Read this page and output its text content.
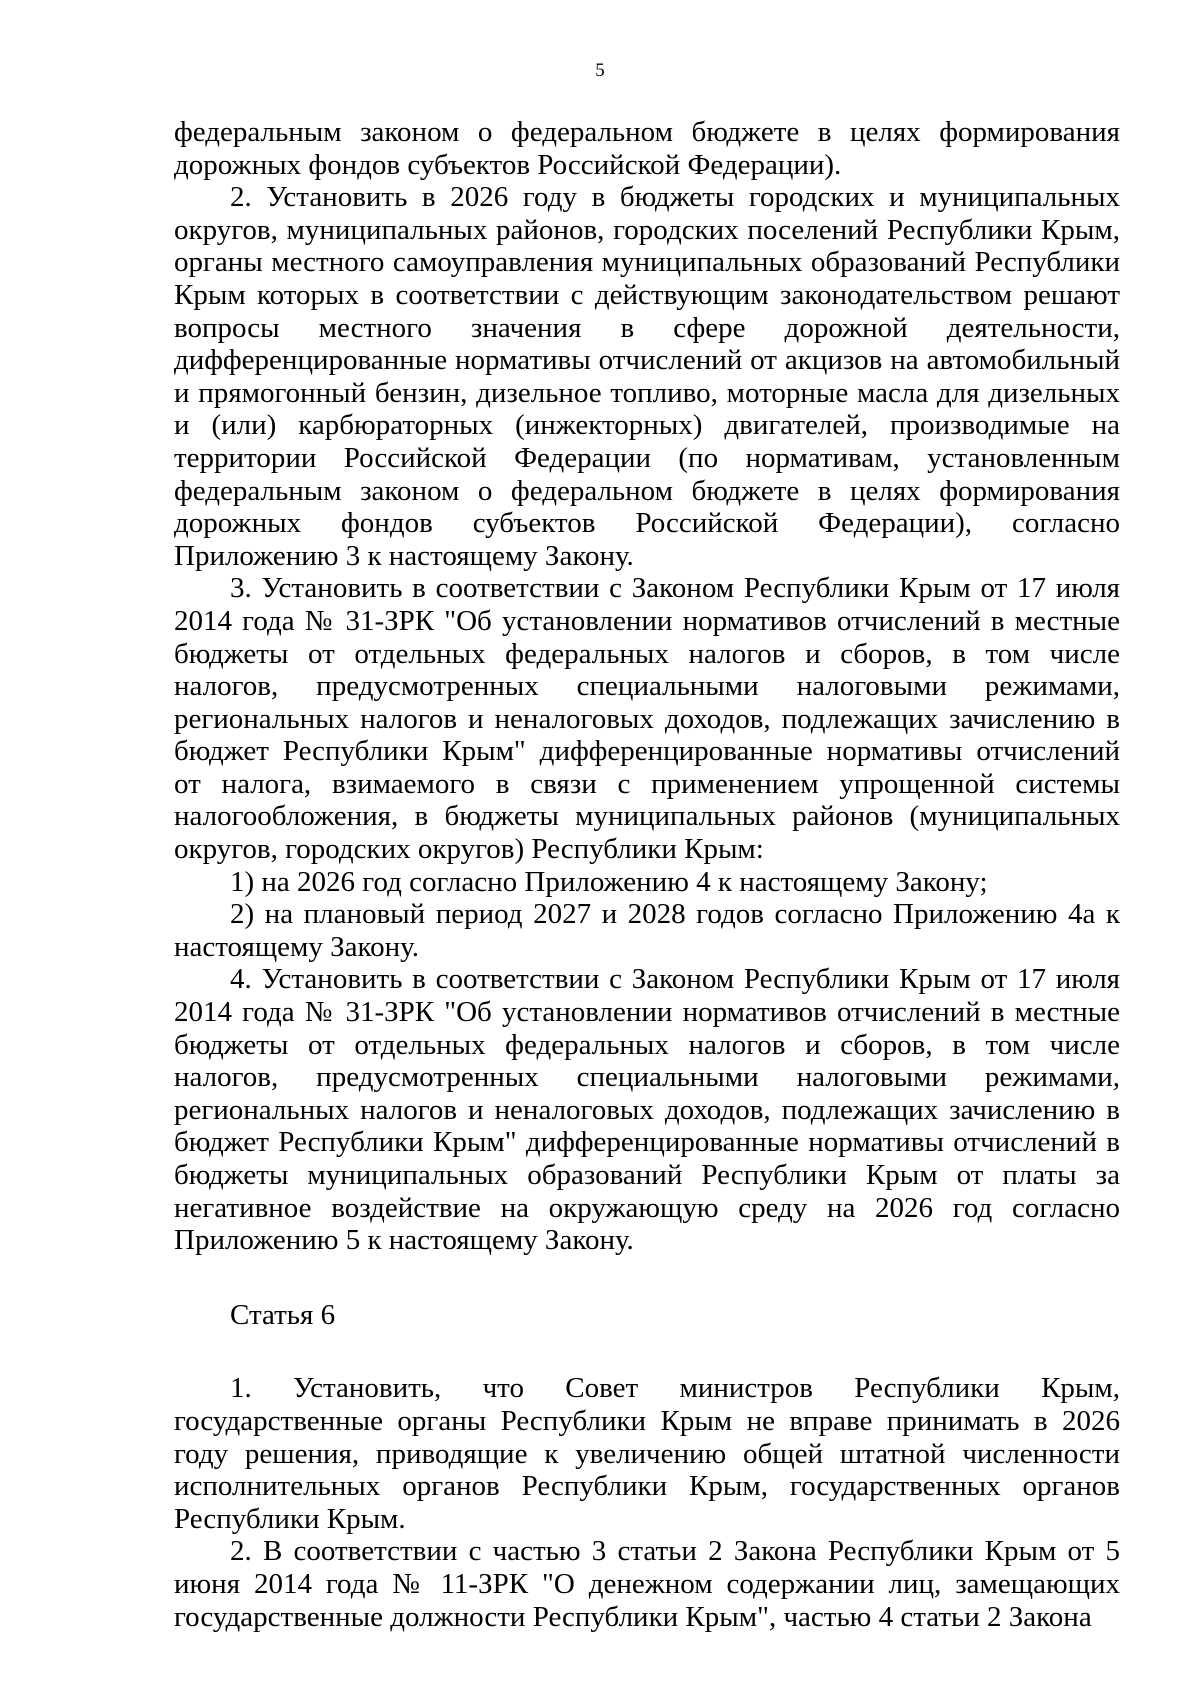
5

федеральным законом о федеральном бюджете в целях формирования дорожных фондов субъектов Российской Федерации).

2. Установить в 2026 году в бюджеты городских и муниципальных округов, муниципальных районов, городских поселений Республики Крым, органы местного самоуправления муниципальных образований Республики Крым которых в соответствии с действующим законодательством решают вопросы местного значения в сфере дорожной деятельности, дифференцированные нормативы отчислений от акцизов на автомобильный и прямогонный бензин, дизельное топливо, моторные масла для дизельных и (или) карбюраторных (инжекторных) двигателей, производимые на территории Российской Федерации (по нормативам, установленным федеральным законом о федеральном бюджете в целях формирования дорожных фондов субъектов Российской Федерации), согласно Приложению 3 к настоящему Закону.

3. Установить в соответствии с Законом Республики Крым от 17 июля 2014 года № 31-ЗРК "Об установлении нормативов отчислений в местные бюджеты от отдельных федеральных налогов и сборов, в том числе налогов, предусмотренных специальными налоговыми режимами, региональных налогов и неналоговых доходов, подлежащих зачислению в бюджет Республики Крым" дифференцированные нормативы отчислений от налога, взимаемого в связи с применением упрощенной системы налогообложения, в бюджеты муниципальных районов (муниципальных округов, городских округов) Республики Крым:

1) на 2026 год согласно Приложению 4 к настоящему Закону;

2) на плановый период 2027 и 2028 годов согласно Приложению 4а к настоящему Закону.

4. Установить в соответствии с Законом Республики Крым от 17 июля 2014 года № 31-ЗРК "Об установлении нормативов отчислений в местные бюджеты от отдельных федеральных налогов и сборов, в том числе налогов, предусмотренных специальными налоговыми режимами, региональных налогов и неналоговых доходов, подлежащих зачислению в бюджет Республики Крым" дифференцированные нормативы отчислений в бюджеты муниципальных образований Республики Крым от платы за негативное воздействие на окружающую среду на 2026 год согласно Приложению 5 к настоящему Закону.

Статья 6

1. Установить, что Совет министров Республики Крым, государственные органы Республики Крым не вправе принимать в 2026 году решения, приводящие к увеличению общей штатной численности исполнительных органов Республики Крым, государственных органов Республики Крым.

2. В соответствии с частью 3 статьи 2 Закона Республики Крым от 5 июня 2014 года № 11-ЗРК "О денежном содержании лиц, замещающих государственные должности Республики Крым", частью 4 статьи 2 Закона
